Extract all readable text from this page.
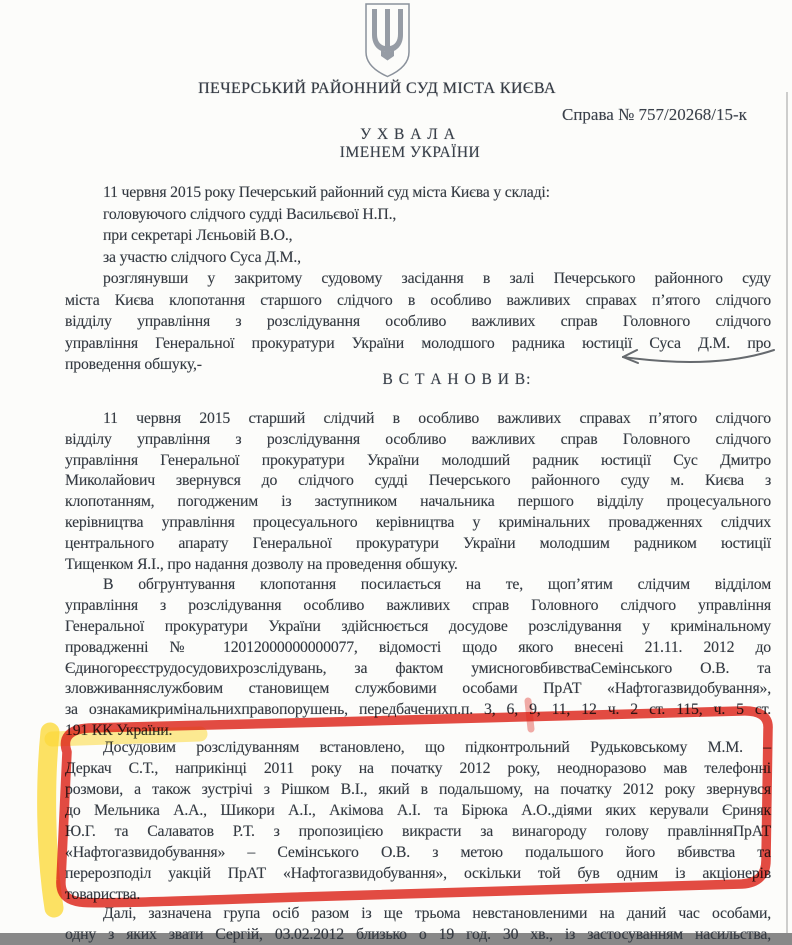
ПЕЧЕРСЬКИЙ РАЙОННИЙ СУД МІСТА КИЄВА
Справа № 757/20268/15-к
У Х В А Л А
ІМЕНЕМ УКРАЇНИ
11 червня 2015 року Печерський районний суд міста Києва у складі:
головуючого слідчого судді Васильєвої Н.П.,
при секретарі Лєньовій В.О.,
за участю слідчого Суса Д.М.,
розглянувши у закритому судовому засідання в залі Печерського районного суду
міста Києва клопотання старшого слідчого в особливо важливих справах п’ятого слідчого
відділу управління з розслідування особливо важливих справ Головного слідчого
управління Генеральної прокуратури України молодшого радника юстиції Суса Д.М. про
проведення обшуку,-
В С Т А Н О В И В:
11 червня 2015 старший слідчий в особливо важливих справах п’ятого слідчого
відділу управління з розслідування особливо важливих справ Головного слідчого
управління Генеральної прокуратури України молодший радник юстиції Сус Дмитро
Миколайович звернувся до слідчого судді Печерського районного суду м. Києва з
клопотанням, погодженим із заступником начальника першого відділу процесуального
керівництва управління процесуального керівництва у кримінальних провадженнях слідчих
центрального апарату Генеральної прокуратури України молодшим радником юстиції
Тищенком Я.І., про надання дозволу на проведення обшуку.
В обгрунтування клопотання посилається на те, щоп’ятим слідчим відділом
управління з розслідування особливо важливих справ Головного слідчого управління
Генеральної прокуратури України здійснюється досудове розслідування у кримінальному
провадженні № 12012000000000077, відомості щодо якого внесені 21.11. 2012 до
Єдиногореєструдосудовихрозслідувань, за фактом умисноговбивстваСемінського О.В. та
зловживанняслужбовим становищем службовими особами ПрАТ «Нафтогазвидобування»,
за ознакамикримінальнихправопорушень, передбаченихп.п. 3, 6, 9, 11, 12 ч. 2 ст. 115, ч. 5 ст.
191 КК України.
Досудовим розслідуванням встановлено, що підконтрольний Рудьковському М.М. –
Деркач С.Т., наприкінці 2011 року на початку 2012 року, неодноразово мав телефонні
розмови, а також зустрічі з Рішком В.І., який в подальшому, на початку 2012 року звернувся
до Мельника А.А., Шикори А.І., Акімова А.І. та Бірюка А.О.,діями яких керували Єриняк
Ю.Г. та Салаватов Р.Т. з пропозицією викрасти за винагороду голову правлінняПрАТ
«Нафтогазвидобування» – Семінського О.В. з метою подальшого його вбивства та
перерозподіл уакцій ПрАТ «Нафтогазвидобування», оскільки той був одним із акціонерів
товариства.
Далі, зазначена група осіб разом із ще трьома невстановленими на даний час особами,
одну з яких звати Сергій, 03.02.2012 близько о 19 год. 30 хв., із застосуванням насильства,
